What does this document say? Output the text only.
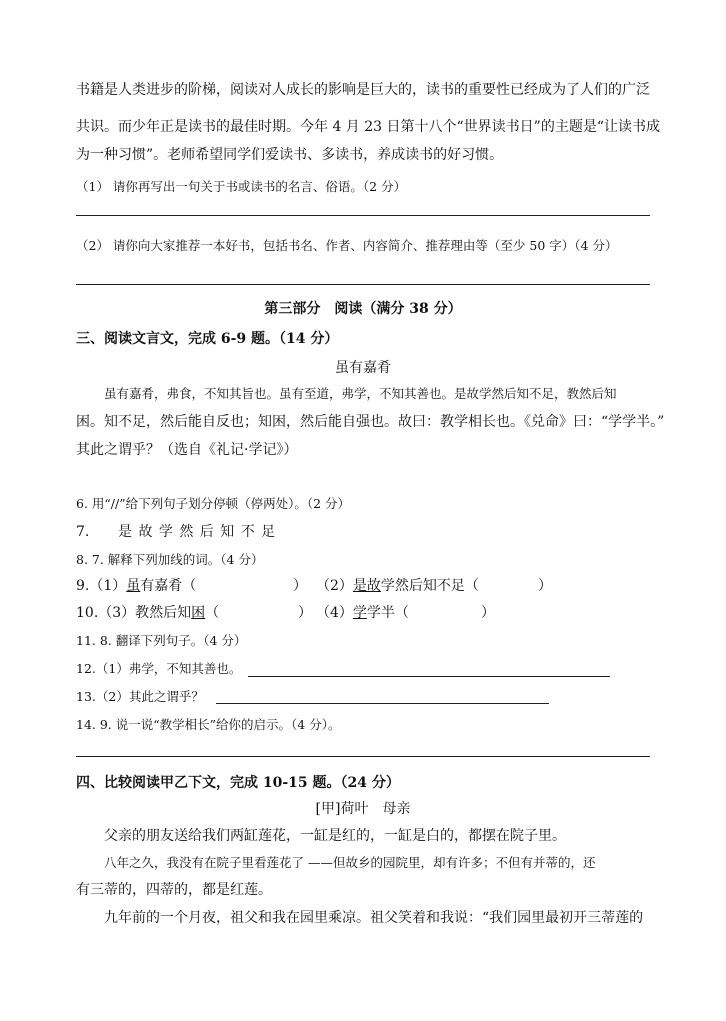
书籍是人类进步的阶梯，阅读对人成长的影响是巨大的，读书的重要性已经成为了人们的广泛
共识。而少年正是读书的最佳时期。今年 4 月 23 日第十八个“世界读书日”的主题是“让读书成
为一种习惯”。老师希望同学们爱读书、多读书，养成读书的好习惯。
（1） 请你再写出一句关于书或读书的名言、俗语。（2 分）
（2） 请你向大家推荐一本好书，包括书名、作者、内容简介、推荐理由等（至少 50 字）（4 分）
第三部分　阅读（满分 38 分）
三、阅读文言文，完成 6-9 题。（14 分）
虽有嘉肴
虽有嘉肴，弗食，不知其旨也。虽有至道，弗学，不知其善也。是故学然后知不足，教然后知
困。知不足，然后能自反也；知困，然后能自强也。故曰：教学相长也。《兑命》曰：“学学半。”
其此之谓乎？（选自《礼记·学记》）
6. 用“//”给下列句子划分停顿（停两处）。（2 分）
7. 是 故 学 然 后 知 不 足
8. 7. 解释下列加线的词。（4 分）
9.（1）虽有嘉肴（	） （2）是故学然后知不足（	）
10.（3）教然后知困（	） （4）学学半（	）
11. 8. 翻译下列句子。（4 分）
12.（1）弗学，不知其善也。
13.（2）其此之谓乎？
14. 9. 说一说“教学相长”给你的启示。（4 分）。
四、比较阅读甲乙下文，完成 10-15 题。（24 分）
[甲]荷叶　母亲
父亲的朋友送给我们两缸莲花，一缸是红的，一缸是白的，都摆在院子里。
八年之久，我没有在院子里看莲花了 ——但故乡的园院里，却有许多；不但有并蒂的，还
有三蒂的，四蒂的，都是红莲。
九年前的一个月夜，祖父和我在园里乘凉。祖父笑着和我说：“我们园里最初开三蒂莲的
